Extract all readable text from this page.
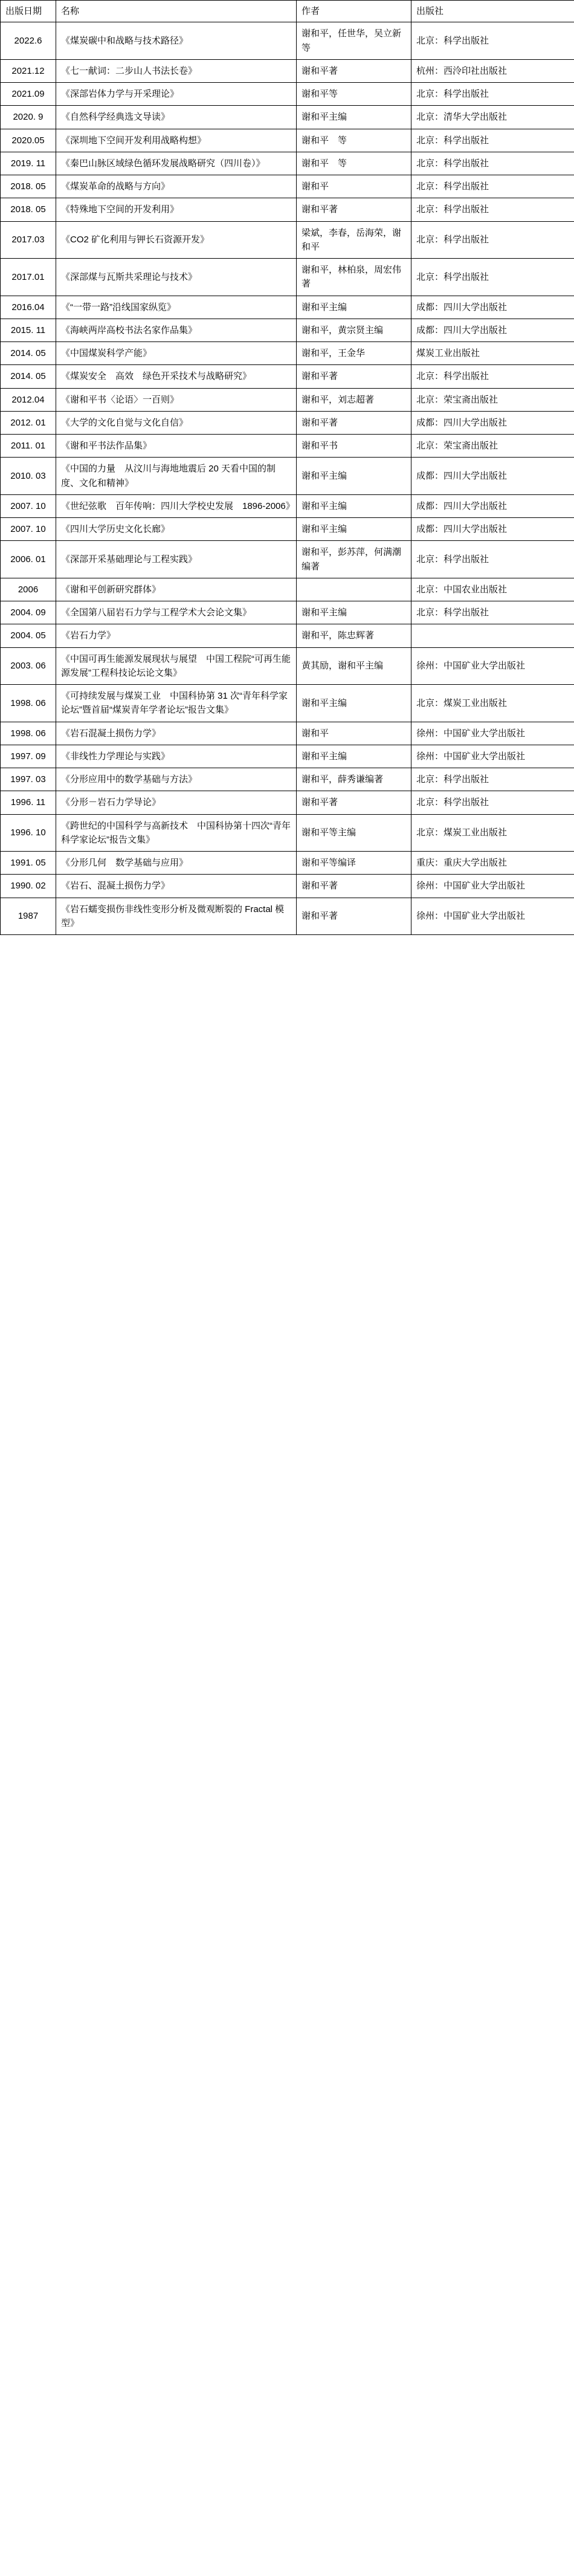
出版日期	名称	作者	出版社
2022.6	《煤炭碳中和战略与技术路径》	谢和平，任世华，吴立新等	北京：科学出版社
2021.12	《七一献词：二步山人书法长卷》	谢和平著	杭州：西泠印社出版社
2021.09	《深部岩体力学与开采理论》	谢和平等	北京：科学出版社
2020. 9	《自然科学经典选文导读》	谢和平主编	北京：清华大学出版社
2020.05	《深圳地下空间开发利用战略构想》	谢和平　等	北京：科学出版社
2019. 11	《秦巴山脉区域绿色循环发展战略研究（四川卷）》	谢和平　等	北京：科学出版社
2018. 05	《煤炭革命的战略与方向》	谢和平	北京：科学出版社
2018. 05	《特殊地下空间的开发利用》	谢和平著	北京：科学出版社
2017.03	《CO2 矿化利用与钾长石资源开发》	梁斌，李春，岳海荣，谢和平	北京：科学出版社
2017.01	《深部煤与瓦斯共采理论与技术》	谢和平，林柏泉，周宏伟著	北京：科学出版社
2016.04	《“一带一路”沿线国家纵览》	谢和平主编	成都：四川大学出版社
2015. 11	《海峡两岸高校书法名家作品集》	谢和平，黄宗贤主编	成都：四川大学出版社
2014. 05	《中国煤炭科学产能》	谢和平，王金华	煤炭工业出版社
2014. 05	《煤炭安全　高效　绿色开采技术与战略研究》	谢和平著	北京：科学出版社
2012.04	《谢和平书〈论语〉一百则》	谢和平，刘志超著	北京：荣宝斋出版社
2012. 01	《大学的文化自觉与文化自信》	谢和平著	成都：四川大学出版社
2011. 01	《谢和平书法作品集》	谢和平书	北京：荣宝斋出版社
2010. 03	《中国的力量　从汶川与海地地震后 20 天看中国的制度、文化和精神》	谢和平主编	成都：四川大学出版社
2007. 10	《世纪弦歌　百年传响：四川大学校史发展　1896-2006》	谢和平主编	成都：四川大学出版社
2007. 10	《四川大学历史文化长廊》	谢和平主编	成都：四川大学出版社
2006. 01	《深部开采基础理论与工程实践》	谢和平，彭苏萍，何满潮编著	北京：科学出版社
2006	《谢和平创新研究群体》		北京：中国农业出版社
2004. 09	《全国第八届岩石力学与工程学术大会论文集》	谢和平主编	北京：科学出版社
2004. 05	《岩石力学》	谢和平，陈忠辉著	
2003. 06	《中国可再生能源发展现状与展望　中国工程院“可再生能源发展”工程科技论坛论文集》	黄其励，谢和平主编	徐州：中国矿业大学出版社
1998. 06	《可持续发展与煤炭工业　中国科协第 31 次“青年科学家论坛”暨首届“煤炭青年学者论坛”报告文集》	谢和平主编	北京：煤炭工业出版社
1998. 06	《岩石混凝土损伤力学》	谢和平	徐州：中国矿业大学出版社
1997. 09	《非线性力学理论与实践》	谢和平主编	徐州：中国矿业大学出版社
1997. 03	《分形应用中的数学基础与方法》	谢和平，薛秀谦编著	北京：科学出版社
1996. 11	《分形－岩石力学导论》	谢和平著	北京：科学出版社
1996. 10	《跨世纪的中国科学与高新技术　中国科协第十四次“青年科学家论坛”报告文集》	谢和平等主编	北京：煤炭工业出版社
1991. 05	《分形几何　数学基础与应用》	谢和平等编译	重庆：重庆大学出版社
1990. 02	《岩石、混凝土损伤力学》	谢和平著	徐州：中国矿业大学出版社
1987	《岩石蠕变损伤非线性变形分析及微观断裂的 Fractal 模型》	谢和平著	徐州：中国矿业大学出版社
